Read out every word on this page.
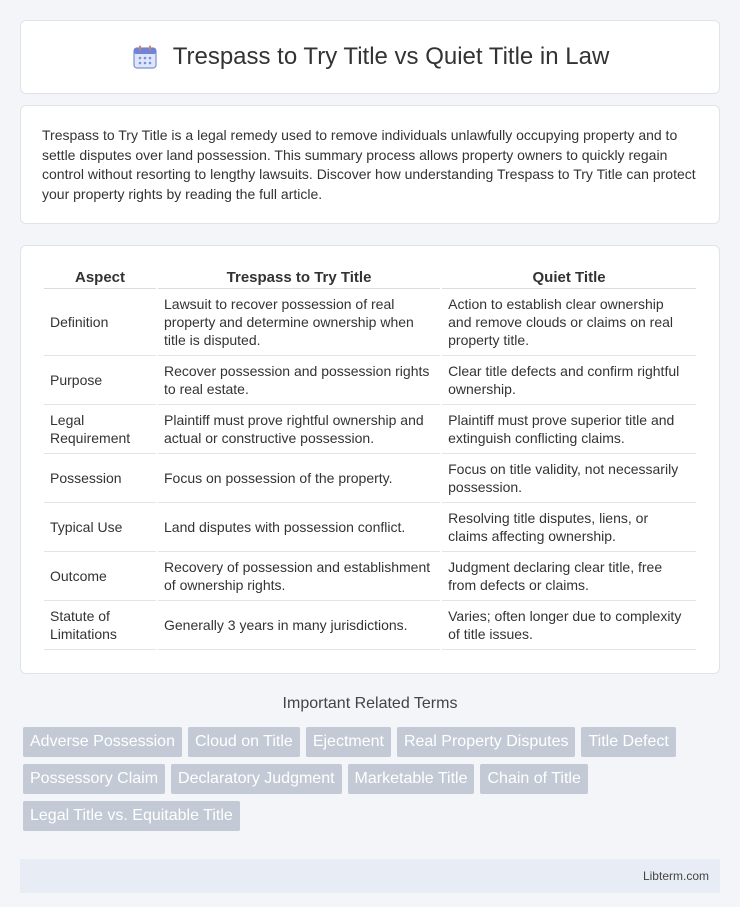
Trespass to Try Title vs Quiet Title in Law

Trespass to Try Title is a legal remedy used to remove individuals unlawfully occupying property and to settle disputes over land possession. This summary process allows property owners to quickly regain control without resorting to lengthy lawsuits. Discover how understanding Trespass to Try Title can protect your property rights by reading the full article.

Aspect	Trespass to Try Title	Quiet Title
Definition	Lawsuit to recover possession of real property and determine ownership when title is disputed.	Action to establish clear ownership and remove clouds or claims on real property title.
Purpose	Recover possession and possession rights to real estate.	Clear title defects and confirm rightful ownership.
Legal Requirement	Plaintiff must prove rightful ownership and actual or constructive possession.	Plaintiff must prove superior title and extinguish conflicting claims.
Possession	Focus on possession of the property.	Focus on title validity, not necessarily possession.
Typical Use	Land disputes with possession conflict.	Resolving title disputes, liens, or claims affecting ownership.
Outcome	Recovery of possession and establishment of ownership rights.	Judgment declaring clear title, free from defects or claims.
Statute of Limitations	Generally 3 years in many jurisdictions.	Varies; often longer due to complexity of title issues.
Important Related Terms
Adverse Possession	Cloud on Title	Ejectment	Real Property Disputes	Title Defect
Possessory Claim	Declaratory Judgment	Marketable Title	Chain of Title
Legal Title vs. Equitable Title
Libterm.com
